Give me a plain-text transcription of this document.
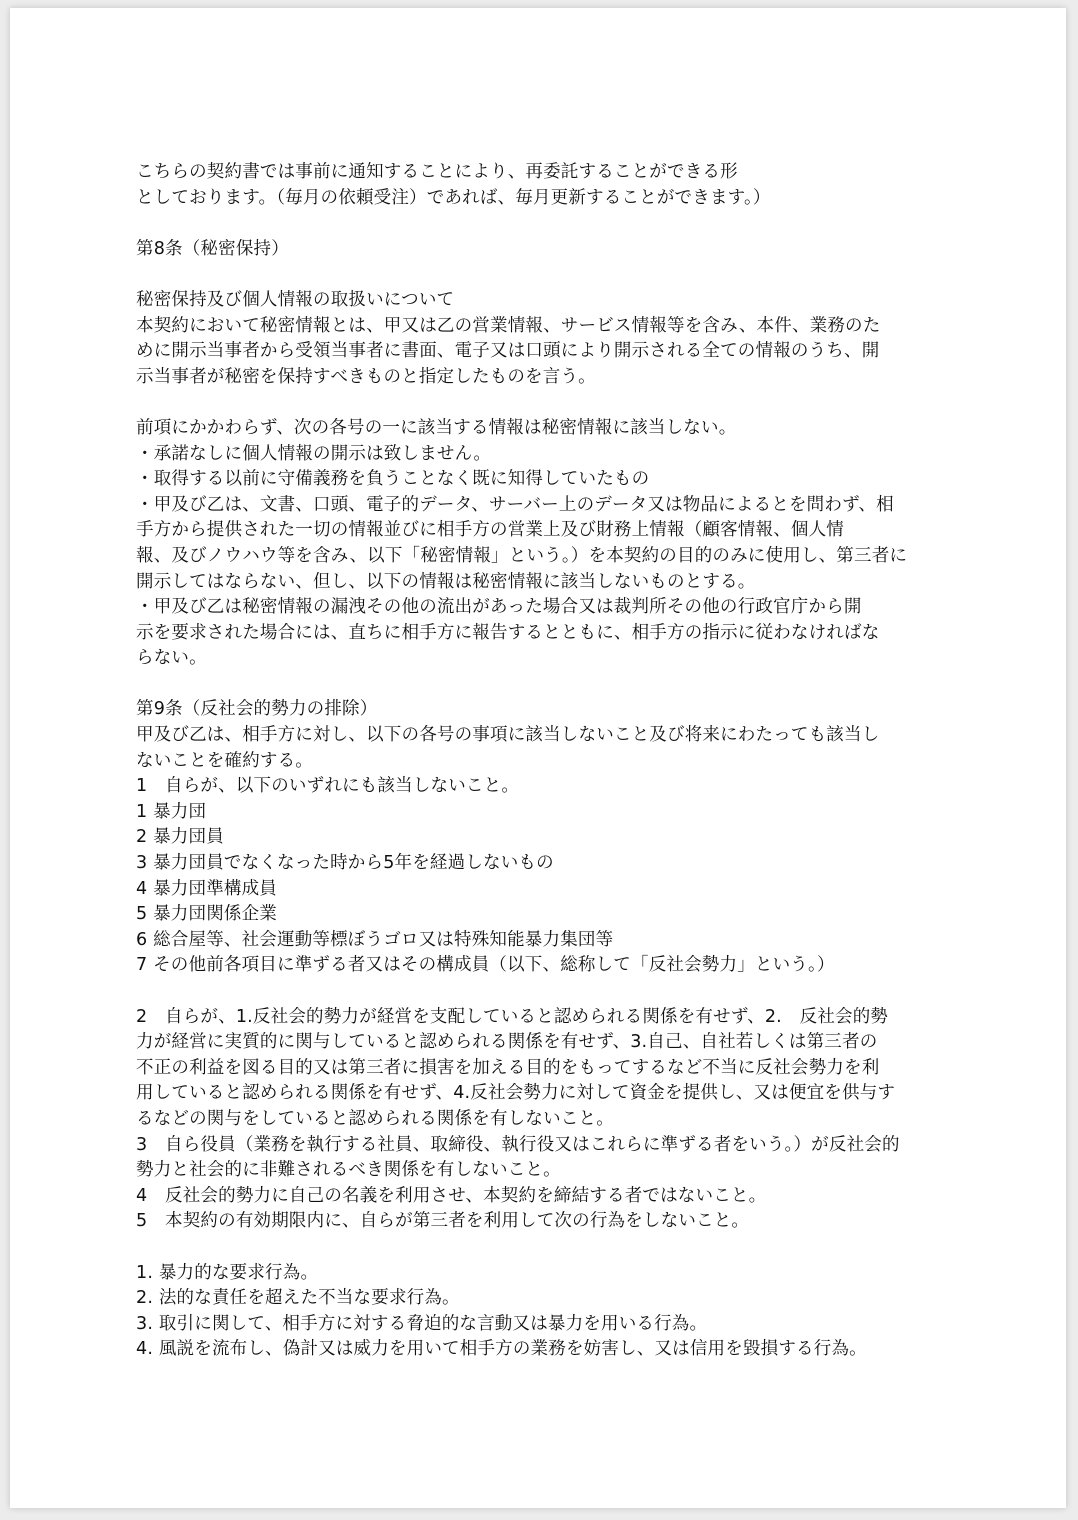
こちらの契約書では事前に通知することにより、再委託することができる形
としております。（毎月の依頼受注）であれば、毎月更新することができます。）
第8条（秘密保持）
秘密保持及び個人情報の取扱いについて
本契約において秘密情報とは、甲又は乙の営業情報、サービス情報等を含み、本件、業務のた
めに開示当事者から受領当事者に書面、電子又は口頭により開示される全ての情報のうち、開
示当事者が秘密を保持すべきものと指定したものを言う。
前項にかかわらず、次の各号の一に該当する情報は秘密情報に該当しない。
・承諾なしに個人情報の開示は致しません。
・取得する以前に守備義務を負うことなく既に知得していたもの
・甲及び乙は、文書、口頭、電子的データ、サーバー上のデータ又は物品によるとを問わず、相
手方から提供された一切の情報並びに相手方の営業上及び財務上情報（顧客情報、個人情
報、及びノウハウ等を含み、以下「秘密情報」という。）を本契約の目的のみに使用し、第三者に
開示してはならない、但し、以下の情報は秘密情報に該当しないものとする。
・甲及び乙は秘密情報の漏洩その他の流出があった場合又は裁判所その他の行政官庁から開
示を要求された場合には、直ちに相手方に報告するとともに、相手方の指示に従わなければな
らない。
第9条（反社会的勢力の排除）
甲及び乙は、相手方に対し、以下の各号の事項に該当しないこと及び将来にわたっても該当し
ないことを確約する。
1　自らが、以下のいずれにも該当しないこと。
1 暴力団
2 暴力団員
3 暴力団員でなくなった時から5年を経過しないもの
4 暴力団準構成員
5 暴力団関係企業
6 総合屋等、社会運動等標ぼうゴロ又は特殊知能暴力集団等
7 その他前各項目に準ずる者又はその構成員（以下、総称して「反社会勢力」という。）
2　自らが、1.反社会的勢力が経営を支配していると認められる関係を有せず、2.　反社会的勢
力が経営に実質的に関与していると認められる関係を有せず、3.自己、自社若しくは第三者の
不正の利益を図る目的又は第三者に損害を加える目的をもってするなど不当に反社会勢力を利
用していると認められる関係を有せず、4.反社会勢力に対して資金を提供し、又は便宜を供与す
るなどの関与をしていると認められる関係を有しないこと。
3　自ら役員（業務を執行する社員、取締役、執行役又はこれらに準ずる者をいう。）が反社会的
勢力と社会的に非難されるべき関係を有しないこと。
4　反社会的勢力に自己の名義を利用させ、本契約を締結する者ではないこと。
5　本契約の有効期限内に、自らが第三者を利用して次の行為をしないこと。
1. 暴力的な要求行為。
2. 法的な責任を超えた不当な要求行為。
3. 取引に関して、相手方に対する脅迫的な言動又は暴力を用いる行為。
4. 風説を流布し、偽計又は威力を用いて相手方の業務を妨害し、又は信用を毀損する行為。
